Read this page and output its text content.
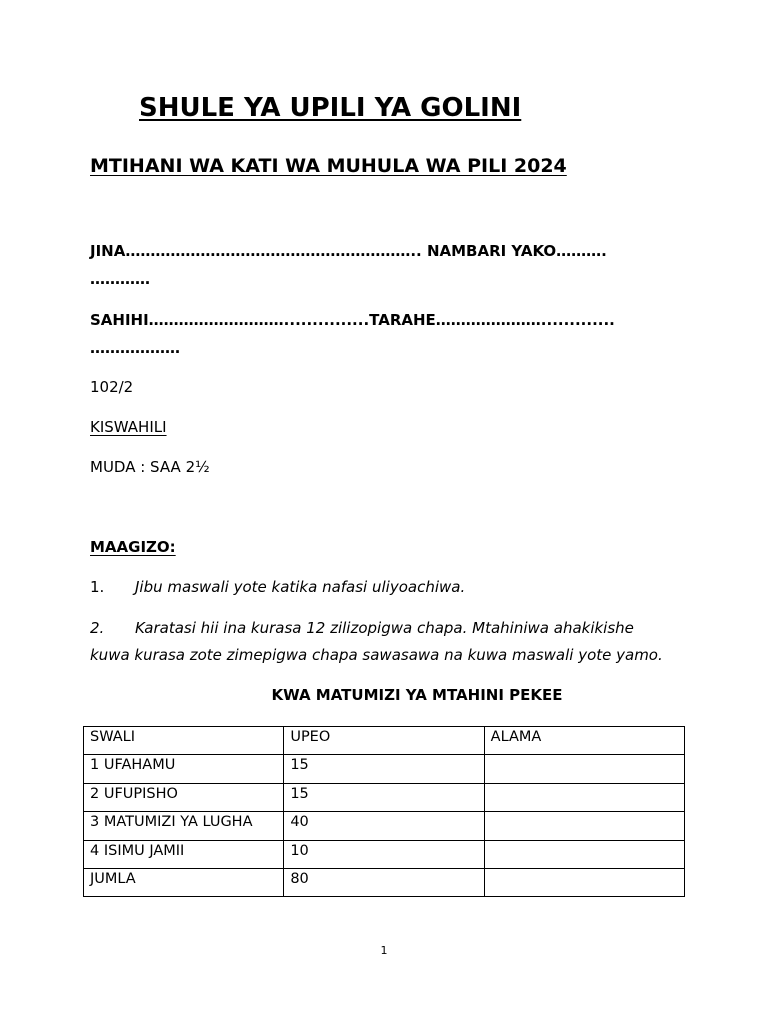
SHULE YA UPILI YA GOLINI
MTIHANI WA KATI WA MUHULA WA PILI 2024
JINA………………………………………………….. NAMBARI YAKO……….
…………
SAHIHI………………………...............TARAHE………………….............
………………
102/2
KISWAHILI
MUDA : SAA 2½
MAAGIZO:
1. Jibu maswali yote katika nafasi uliyoachiwa.
2. Karatasi hii ina kurasa 12 zilizopigwa chapa. Mtahiniwa ahakikishe
kuwa kurasa zote zimepigwa chapa sawasawa na kuwa maswali yote yamo.
KWA MATUMIZI YA MTAHINI PEKEE
SWALI	UPEO	ALAMA
1 UFAHAMU	15	
2 UFUPISHO	15	
3 MATUMIZI YA LUGHA	40	
4 ISIMU JAMII	10	
JUMLA	80	
1
